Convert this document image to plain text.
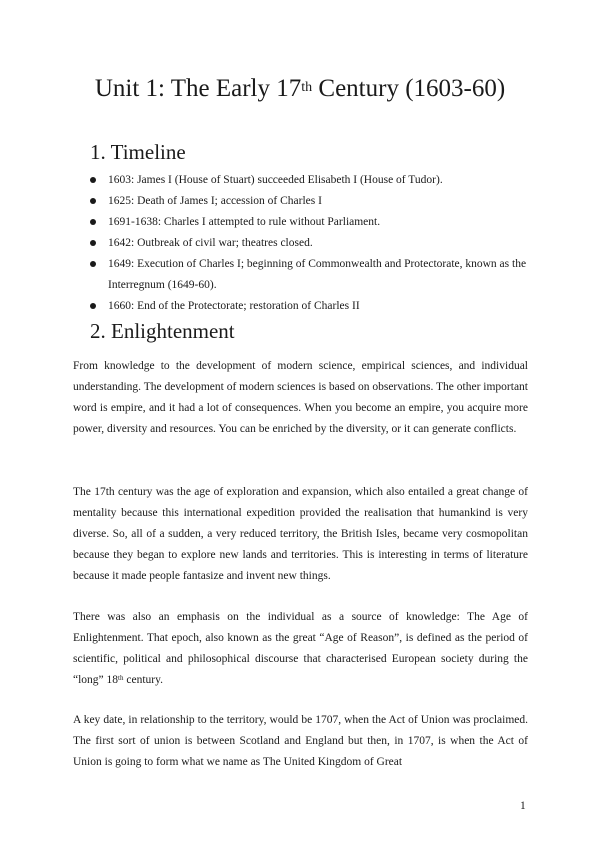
Unit 1: The Early 17th Century (1603-60)
1. Timeline
1603: James I (House of Stuart) succeeded Elisabeth I (House of Tudor).
1625: Death of James I; accession of Charles I
1691-1638: Charles I attempted to rule without Parliament.
1642: Outbreak of civil war; theatres closed.
1649: Execution of Charles I; beginning of Commonwealth and Protectorate, known as the Interregnum (1649-60).
1660: End of the Protectorate; restoration of Charles II
2. Enlightenment

From knowledge to the development of modern science, empirical sciences, and individual understanding. The development of modern sciences is based on observations. The other important word is empire, and it had a lot of consequences. When you become an empire, you acquire more power, diversity and resources. You can be enriched by the diversity, or it can generate conflicts.

The 17th century was the age of exploration and expansion, which also entailed a great change of mentality because this international expedition provided the realisation that humankind is very diverse. So, all of a sudden, a very reduced territory, the British Isles, became very cosmopolitan because they began to explore new lands and territories. This is interesting in terms of literature because it made people fantasize and invent new things.

There was also an emphasis on the individual as a source of knowledge: The Age of Enlightenment. That epoch, also known as the great “Age of Reason”, is defined as the period of scientific, political and philosophical discourse that characterised European society during the “long” 18th century.

A key date, in relationship to the territory, would be 1707, when the Act of Union was proclaimed. The first sort of union is between Scotland and England but then, in 1707, is when the Act of Union is going to form what we name as The United Kingdom of Great

1
